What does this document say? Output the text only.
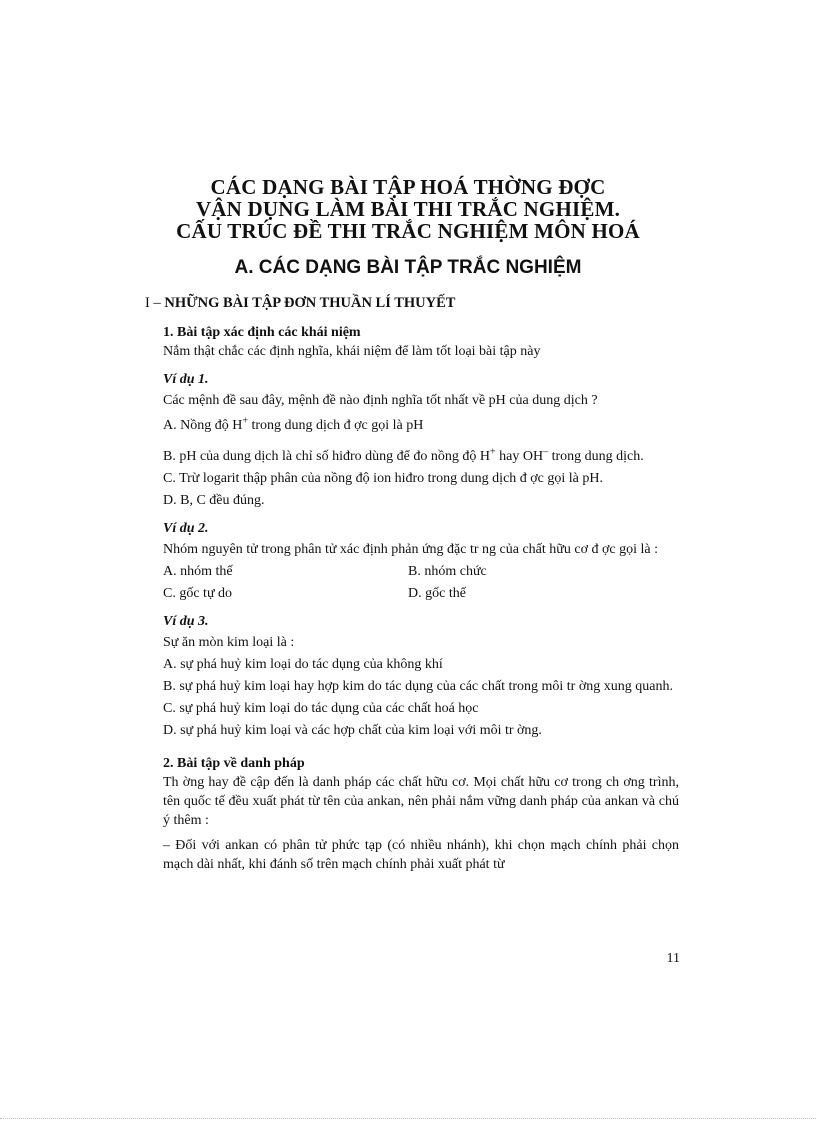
CÁC DẠNG BÀI TẬP HOÁ THỜNG ĐỢC
VẬN DỤNG LÀM BÀI THI TRẮC NGHIỆM.
CẤU TRÚC ĐỀ THI TRẮC NGHIỆM MÔN HOÁ
A. CÁC DẠNG BÀI TẬP TRẮC NGHIỆM
I – NHỮNG BÀI TẬP ĐƠN THUẦN LÍ THUYẾT
1. Bài tập xác định các khái niệm

Nắm thật chắc các định nghĩa, khái niệm để làm tốt loại bài tập này

Ví dụ 1.

Các mệnh đề sau đây, mệnh đề nào định nghĩa tốt nhất về pH của dung dịch ?

A. Nồng độ H+ trong dung dịch đ ợc gọi là pH

B. pH của dung dịch là chỉ số hiđro dùng để đo nồng độ H+ hay OH– trong dung dịch.

C. Trừ logarit thập phân của nồng độ ion hiđro trong dung dịch đ ợc gọi là pH.

D. B, C đều đúng.

Ví dụ 2.

Nhóm nguyên tử trong phân tử xác định phản ứng đặc tr ng của chất hữu cơ đ ợc gọi là :

A. nhóm thế	B. nhóm chức
C. gốc tự do	D. gốc thế
Ví dụ 3.

Sự ăn mòn kim loại là :

A. sự phá huỷ kim loại do tác dụng của không khí

B. sự phá huỷ kim loại hay hợp kim do tác dụng của các chất trong môi tr ờng xung quanh.

C. sự phá huỷ kim loại do tác dụng của các chất hoá học

D. sự phá huỷ kim loại và các hợp chất của kim loại với môi tr ờng.

2. Bài tập về danh pháp

Th ờng hay đề cập đến là danh pháp các chất hữu cơ. Mọi chất hữu cơ trong ch ơng trình, tên quốc tế đều xuất phát từ tên của ankan, nên phải nắm vững danh pháp của ankan và chú ý thêm :

– Đối với ankan có phân tử phức tạp (có nhiều nhánh), khi chọn mạch chính phải chọn mạch dài nhất, khi đánh số trên mạch chính phải xuất phát từ

11
